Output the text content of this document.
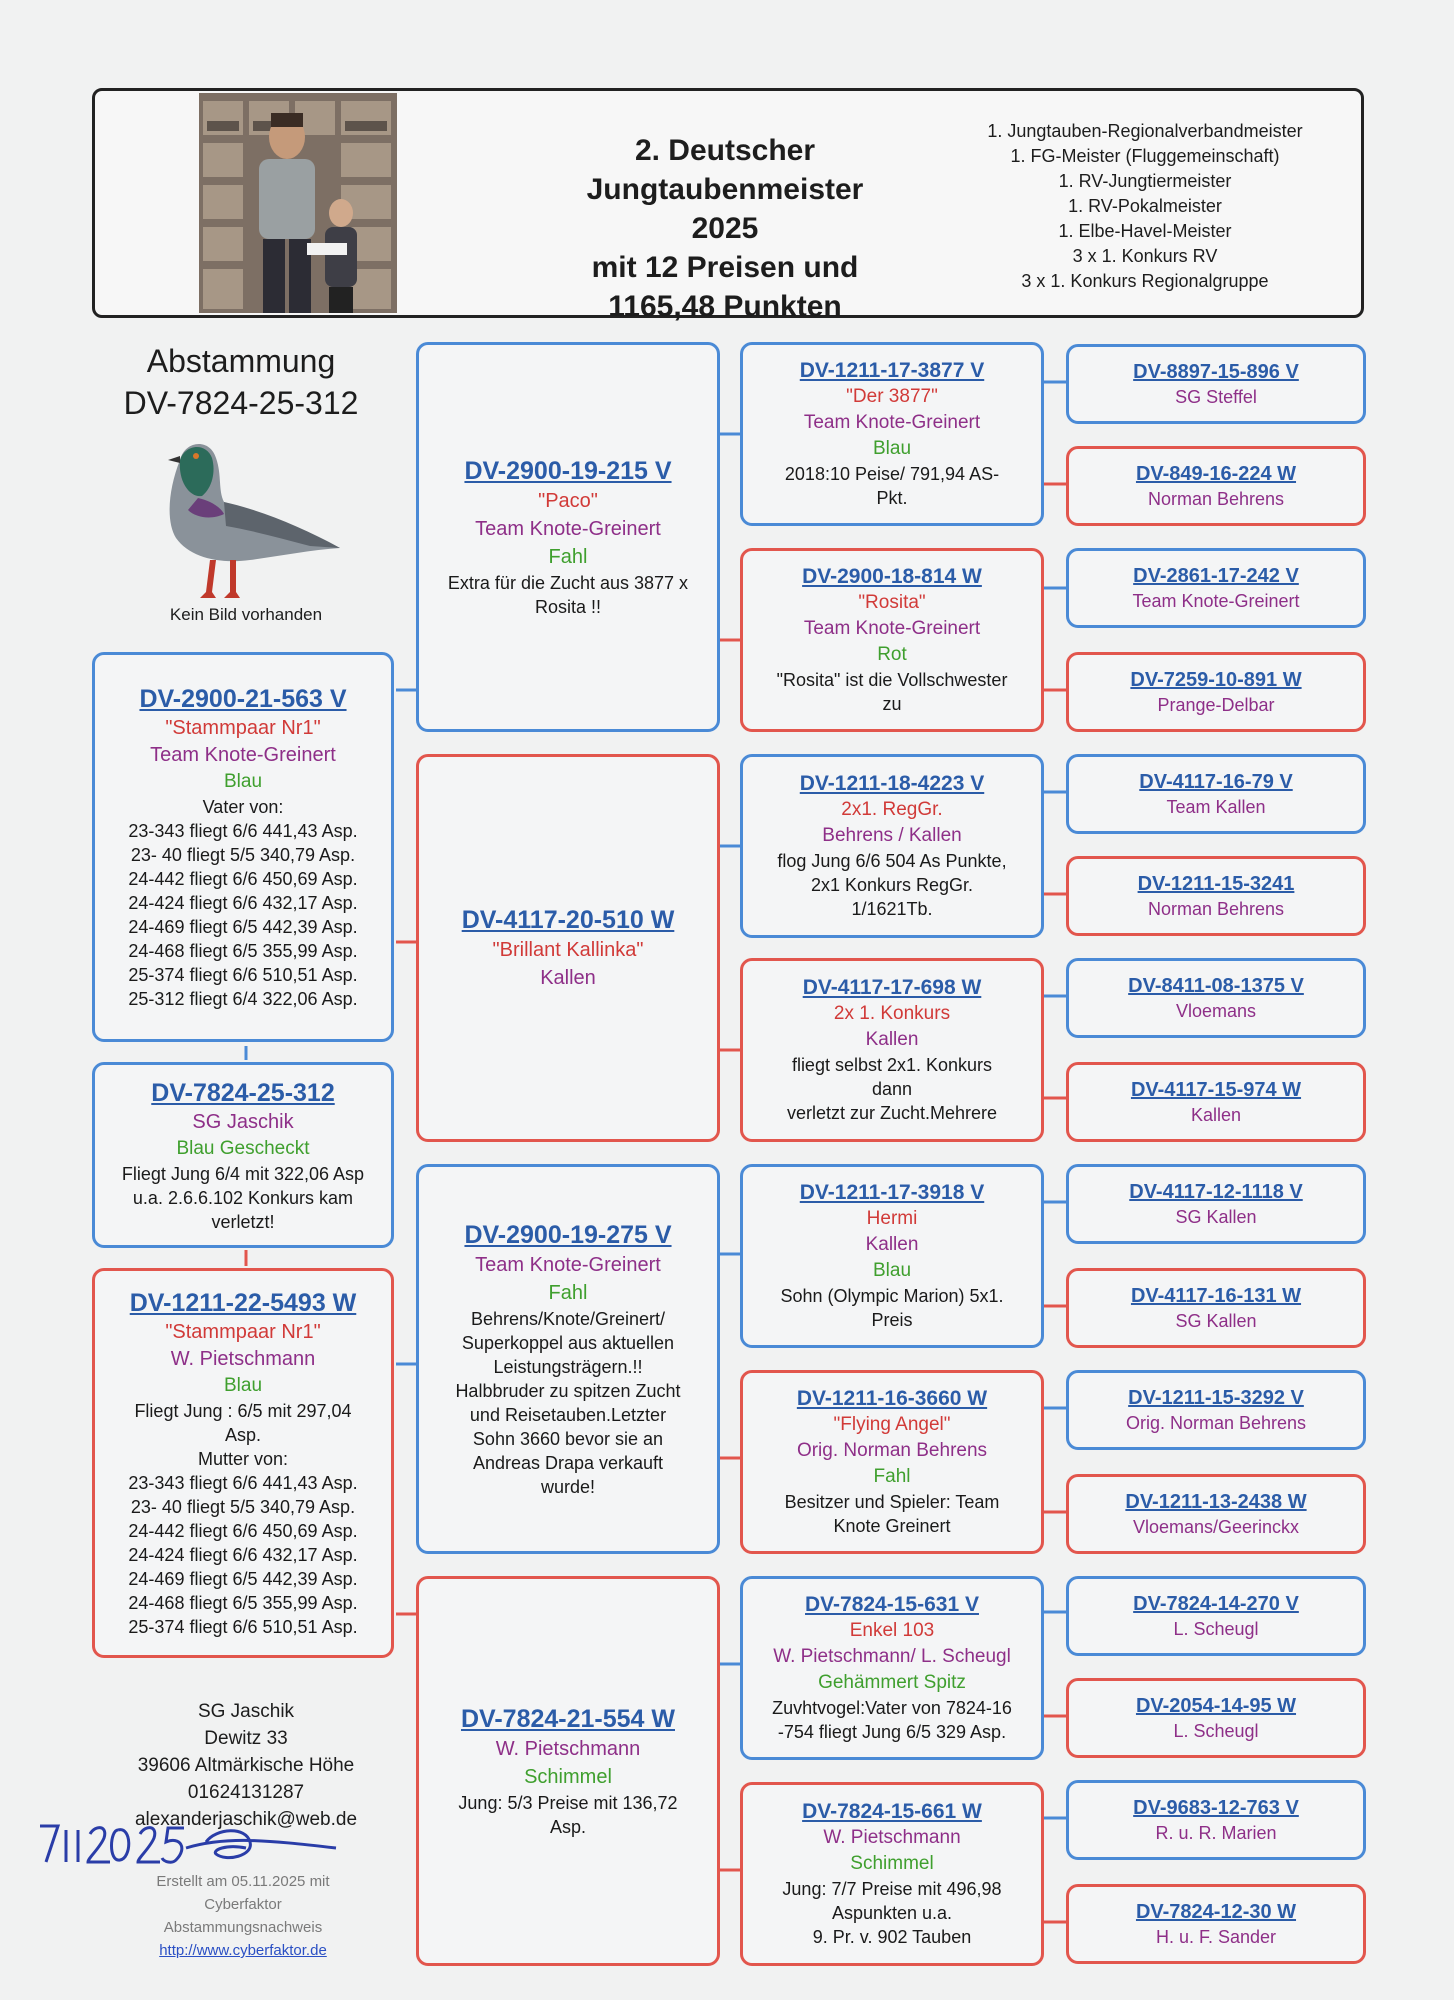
2. Deutscher
Jungtaubenmeister 2025
mit 12 Preisen und
1165,48 Punkten
1. Jungtauben-Regionalverbandmeister
1. FG-Meister (Fluggemeinschaft)
1. RV-Jungtiermeister
1. RV-Pokalmeister
1. Elbe-Havel-Meister
3 x 1. Konkurs RV
3 x 1. Konkurs Regionalgruppe
Abstammung
DV-7824-25-312
Kein Bild vorhanden
DV-2900-21-563 V
"Stammpaar Nr1"
Team Knote-Greinert
Blau
Vater von:
23-343 fliegt 6/6 441,43 Asp.
23- 40 fliegt 5/5 340,79 Asp.
24-442 fliegt 6/6 450,69 Asp.
24-424 fliegt 6/6 432,17 Asp.
24-469 fliegt 6/5 442,39 Asp.
24-468 fliegt 6/5 355,99 Asp.
25-374 fliegt 6/6 510,51 Asp.
25-312 fliegt 6/4 322,06 Asp.
DV-7824-25-312
SG Jaschik
Blau Gescheckt
Fliegt Jung 6/4 mit 322,06 Asp
u.a. 2.6.6.102 Konkurs kam
verletzt!
DV-1211-22-5493 W
"Stammpaar Nr1"
W. Pietschmann
Blau
Fliegt Jung : 6/5 mit 297,04
Asp.
Mutter von:
23-343 fliegt 6/6 441,43 Asp.
23- 40 fliegt 5/5 340,79 Asp.
24-442 fliegt 6/6 450,69 Asp.
24-424 fliegt 6/6 432,17 Asp.
24-469 fliegt 6/5 442,39 Asp.
24-468 fliegt 6/5 355,99 Asp.
25-374 fliegt 6/6 510,51 Asp.
DV-2900-19-215 V
"Paco"
Team Knote-Greinert
Fahl
Extra für die Zucht aus 3877 x
Rosita !!
DV-4117-20-510 W
"Brillant Kallinka"
Kallen
DV-2900-19-275 V
Team Knote-Greinert
Fahl
Behrens/Knote/Greinert/
Superkoppel aus aktuellen
Leistungsträgern.!!
Halbbruder zu spitzen Zucht
und Reisetauben.Letzter
Sohn 3660 bevor sie an
Andreas Drapa verkauft
wurde!
DV-7824-21-554 W
W. Pietschmann
Schimmel
Jung: 5/3 Preise mit 136,72
Asp.
DV-1211-17-3877 V
"Der 3877"
Team Knote-Greinert
Blau
2018:10 Peise/ 791,94 AS-
Pkt.
DV-2900-18-814 W
"Rosita"
Team Knote-Greinert
Rot
"Rosita" ist die Vollschwester
zu
DV-1211-18-4223 V
2x1. RegGr.
Behrens / Kallen
flog Jung 6/6 504 As Punkte,
2x1 Konkurs RegGr.
1/1621Tb.
DV-4117-17-698 W
2x 1. Konkurs
Kallen
fliegt selbst 2x1. Konkurs
dann
verletzt zur Zucht.Mehrere
DV-1211-17-3918 V
Hermi
Kallen
Blau
Sohn (Olympic Marion) 5x1.
Preis
DV-1211-16-3660 W
"Flying Angel"
Orig. Norman Behrens
Fahl
Besitzer und Spieler: Team
Knote Greinert
DV-7824-15-631 V
Enkel 103
W. Pietschmann/ L. Scheugl
Gehämmert Spitz
Zuvhtvogel:Vater von 7824-16
-754 fliegt Jung 6/5 329 Asp.
DV-7824-15-661 W
W. Pietschmann
Schimmel
Jung: 7/7 Preise mit 496,98
Aspunkten u.a.
9. Pr. v. 902 Tauben
DV-8897-15-896 V
SG Steffel
DV-849-16-224 W
Norman Behrens
DV-2861-17-242 V
Team Knote-Greinert
DV-7259-10-891 W
Prange-Delbar
DV-4117-16-79 V
Team Kallen
DV-1211-15-3241
Norman Behrens
DV-8411-08-1375 V
Vloemans
DV-4117-15-974 W
Kallen
DV-4117-12-1118 V
SG Kallen
DV-4117-16-131 W
SG Kallen
DV-1211-15-3292 V
Orig. Norman Behrens
DV-1211-13-2438 W
Vloemans/Geerinckx
DV-7824-14-270 V
L. Scheugl
DV-2054-14-95 W
L. Scheugl
DV-9683-12-763 V
R. u. R. Marien
DV-7824-12-30 W
H. u. F. Sander
SG Jaschik
Dewitz 33
39606 Altmärkische Höhe
01624131287
alexanderjaschik@web.de
Erstellt am 05.11.2025 mit
Cyberfaktor
Abstammungsnachweis
http://www.cyberfaktor.de
